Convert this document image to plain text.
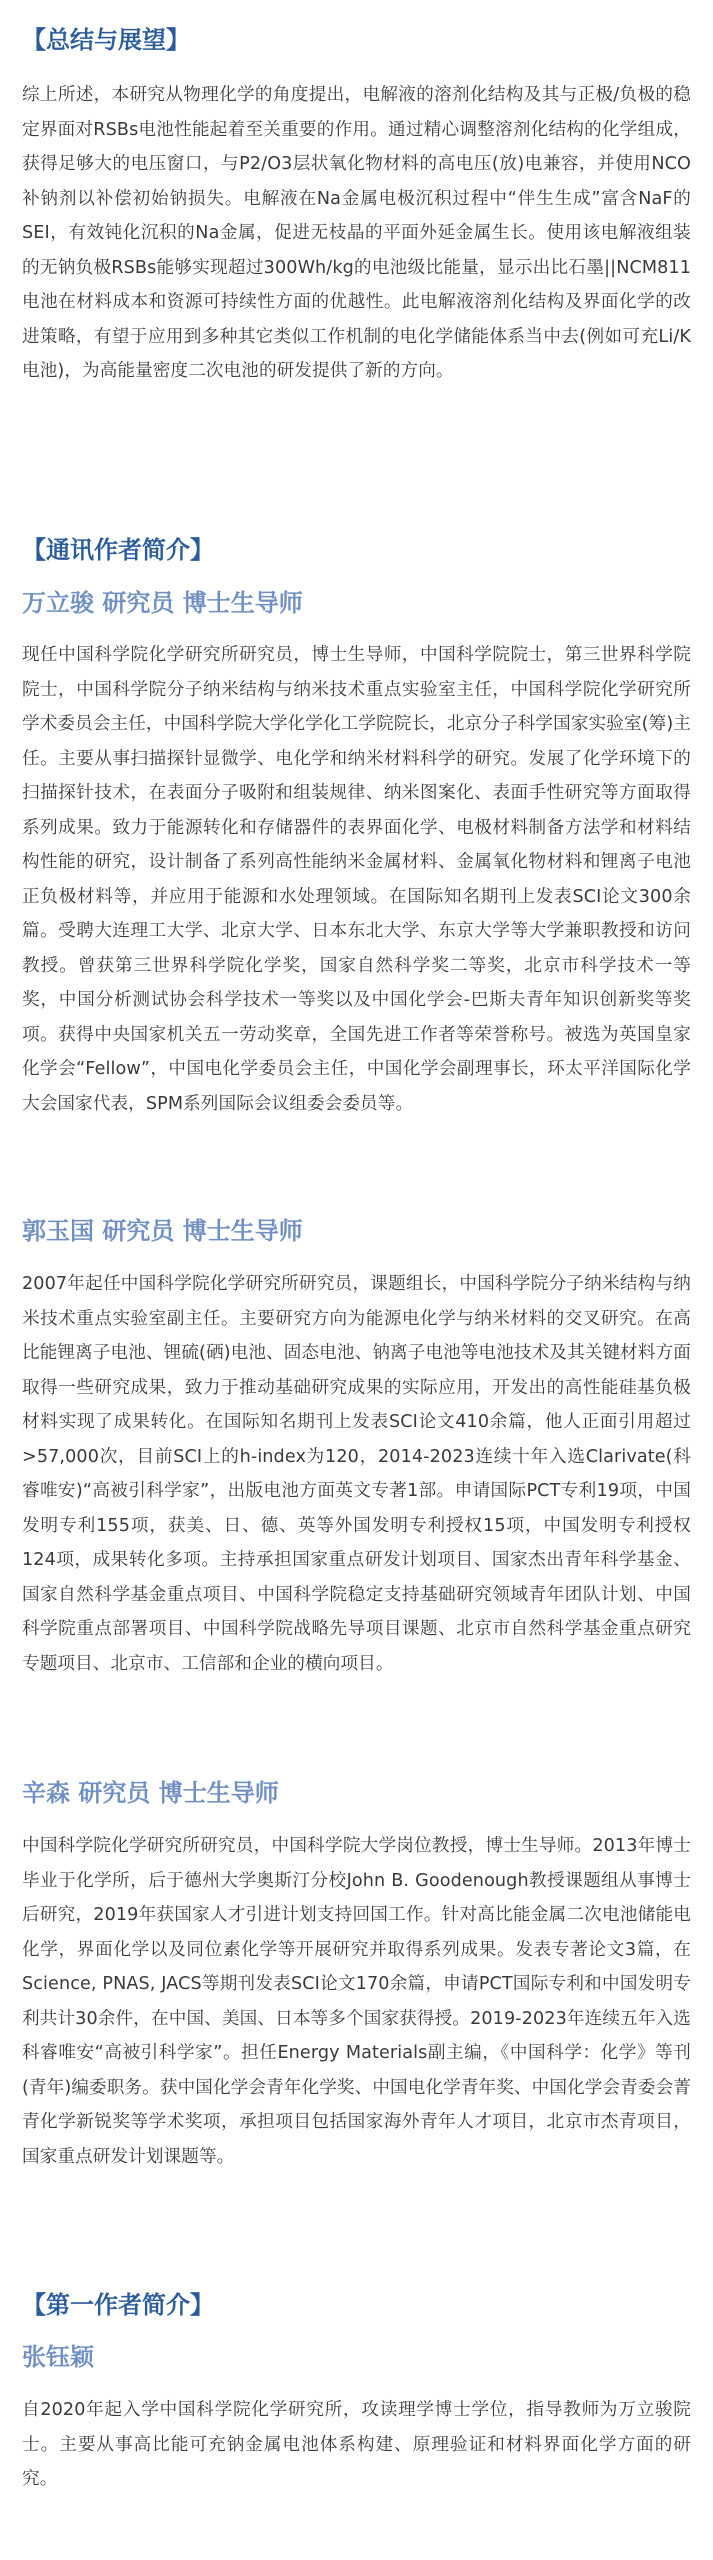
【总结与展望】

综上所述，本研究从物理化学的角度提出，电解液的溶剂化结构及其与正极/负极的稳定界面对RSBs电池性能起着至关重要的作用。通过精心调整溶剂化结构的化学组成，获得足够大的电压窗口，与P2/O3层状氧化物材料的高电压(放)电兼容，并使用NCO补钠剂以补偿初始钠损失。电解液在Na金属电极沉积过程中“伴生生成”富含NaF的SEI，有效钝化沉积的Na金属，促进无枝晶的平面外延金属生长。使用该电解液组装的无钠负极RSBs能够实现超过300Wh/kg的电池级比能量，显示出比石墨||NCM811电池在材料成本和资源可持续性方面的优越性。此电解液溶剂化结构及界面化学的改进策略，有望于应用到多种其它类似工作机制的电化学储能体系当中去(例如可充Li/K电池)，为高能量密度二次电池的研发提供了新的方向。

【通讯作者简介】
万立骏 研究员 博士生导师

现任中国科学院化学研究所研究员，博士生导师，中国科学院院士，第三世界科学院院士，中国科学院分子纳米结构与纳米技术重点实验室主任，中国科学院化学研究所学术委员会主任，中国科学院大学化学化工学院院长，北京分子科学国家实验室(筹)主任。主要从事扫描探针显微学、电化学和纳米材料科学的研究。发展了化学环境下的扫描探针技术，在表面分子吸附和组装规律、纳米图案化、表面手性研究等方面取得系列成果。致力于能源转化和存储器件的表界面化学、电极材料制备方法学和材料结构性能的研究，设计制备了系列高性能纳米金属材料、金属氧化物材料和锂离子电池正负极材料等，并应用于能源和水处理领域。在国际知名期刊上发表SCI论文300余篇。受聘大连理工大学、北京大学、日本东北大学、东京大学等大学兼职教授和访问教授。曾获第三世界科学院化学奖，国家自然科学奖二等奖，北京市科学技术一等奖，中国分析测试协会科学技术一等奖以及中国化学会-巴斯夫青年知识创新奖等奖项。获得中央国家机关五一劳动奖章，全国先进工作者等荣誉称号。被选为英国皇家化学会“Fellow”，中国电化学委员会主任，中国化学会副理事长，环太平洋国际化学大会国家代表，SPM系列国际会议组委会委员等。

郭玉国 研究员 博士生导师

2007年起任中国科学院化学研究所研究员，课题组长，中国科学院分子纳米结构与纳米技术重点实验室副主任。主要研究方向为能源电化学与纳米材料的交叉研究。在高比能锂离子电池、锂硫(硒)电池、固态电池、钠离子电池等电池技术及其关键材料方面取得一些研究成果，致力于推动基础研究成果的实际应用，开发出的高性能硅基负极材料实现了成果转化。在国际知名期刊上发表SCI论文410余篇，他人正面引用超过>57,000次，目前SCI上的h-index为120，2014-2023连续十年入选Clarivate(科睿唯安)“高被引科学家”，出版电池方面英文专著1部。申请国际PCT专利19项，中国发明专利155项，获美、日、德、英等外国发明专利授权15项，中国发明专利授权124项，成果转化多项。主持承担国家重点研发计划项目、国家杰出青年科学基金、国家自然科学基金重点项目、中国科学院稳定支持基础研究领域青年团队计划、中国科学院重点部署项目、中国科学院战略先导项目课题、北京市自然科学基金重点研究专题项目、北京市、工信部和企业的横向项目。

辛森 研究员 博士生导师

中国科学院化学研究所研究员，中国科学院大学岗位教授，博士生导师。2013年博士毕业于化学所，后于德州大学奥斯汀分校John B. Goodenough教授课题组从事博士后研究，2019年获国家人才引进计划支持回国工作。针对高比能金属二次电池储能电化学，界面化学以及同位素化学等开展研究并取得系列成果。发表专著论文3篇，在Science, PNAS, JACS等期刊发表SCI论文170余篇，申请PCT国际专利和中国发明专利共计30余件，在中国、美国、日本等多个国家获得授。2019-2023年连续五年入选科睿唯安“高被引科学家”。担任Energy Materials副主编，《中国科学：化学》等刊(青年)编委职务。获中国化学会青年化学奖、中国电化学青年奖、中国化学会青委会菁青化学新锐奖等学术奖项，承担项目包括国家海外青年人才项目，北京市杰青项目，国家重点研发计划课题等。

【第一作者简介】
张钰颖

自2020年起入学中国科学院化学研究所，攻读理学博士学位，指导教师为万立骏院士。主要从事高比能可充钠金属电池体系构建、原理验证和材料界面化学方面的研究。
